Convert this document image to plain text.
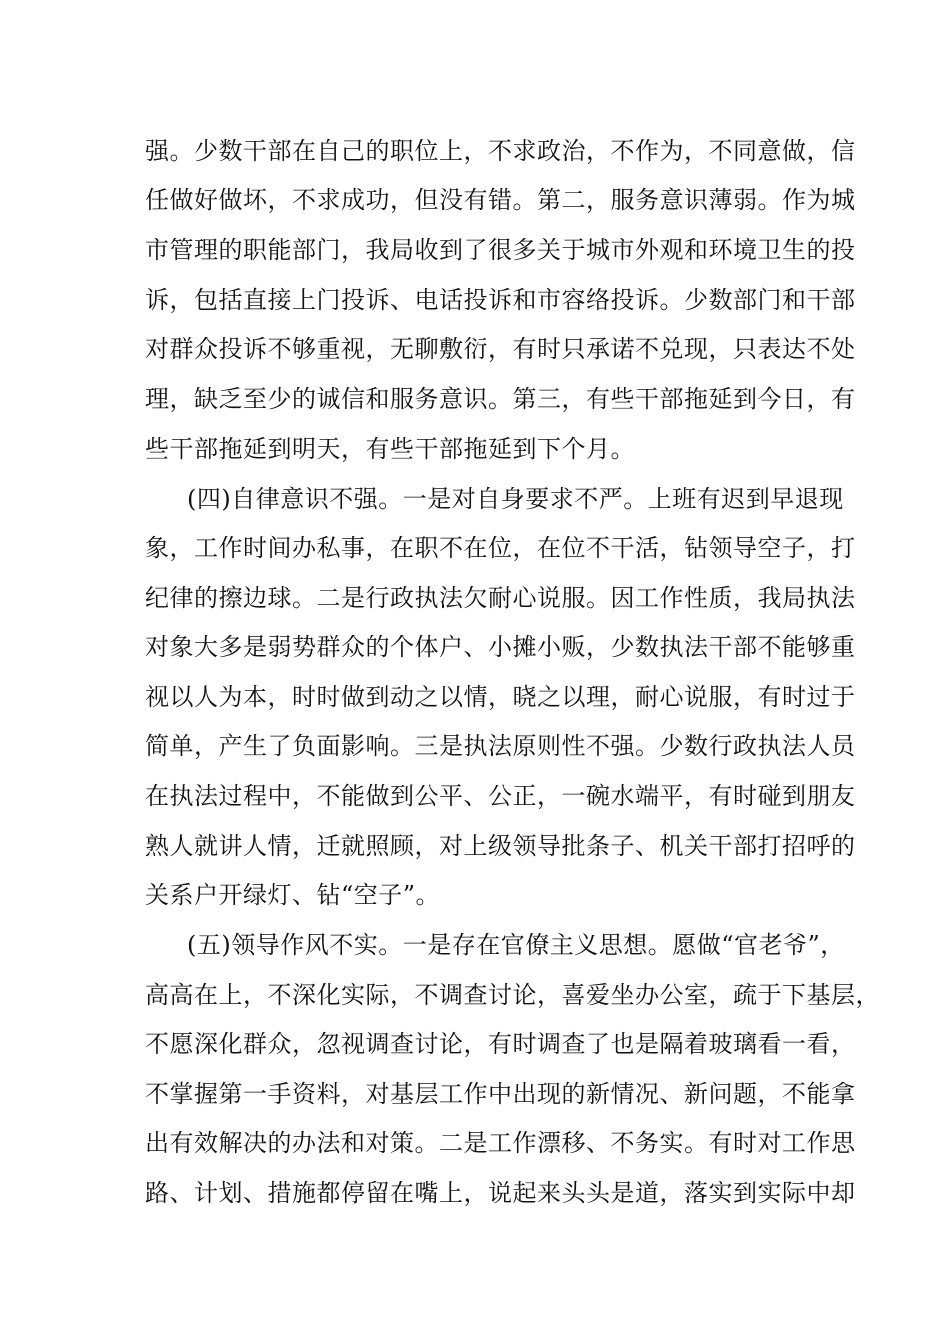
强。少数干部在自己的职位上，不求政治，不作为，不同意做，信
任做好做坏，不求成功，但没有错。第二，服务意识薄弱。作为城
市管理的职能部门，我局收到了很多关于城市外观和环境卫生的投
诉，包括直接上门投诉、电话投诉和市容络投诉。少数部门和干部
对群众投诉不够重视，无聊敷衍，有时只承诺不兑现，只表达不处
理，缺乏至少的诚信和服务意识。第三，有些干部拖延到今日，有
些干部拖延到明天，有些干部拖延到下个月。
(四)自律意识不强。一是对自身要求不严。上班有迟到早退现
象，工作时间办私事，在职不在位，在位不干活，钻领导空子，打
纪律的擦边球。二是行政执法欠耐心说服。因工作性质，我局执法
对象大多是弱势群众的个体户、小摊小贩，少数执法干部不能够重
视以人为本，时时做到动之以情，晓之以理，耐心说服，有时过于
简单，产生了负面影响。三是执法原则性不强。少数行政执法人员
在执法过程中，不能做到公平、公正，一碗水端平，有时碰到朋友
熟人就讲人情，迁就照顾，对上级领导批条子、机关干部打招呼的
关系户开绿灯、钻“空子”。
(五)领导作风不实。一是存在官僚主义思想。愿做“官老爷”，
高高在上，不深化实际，不调查讨论，喜爱坐办公室，疏于下基层，
不愿深化群众，忽视调查讨论，有时调查了也是隔着玻璃看一看，
不掌握第一手资料，对基层工作中出现的新情况、新问题，不能拿
出有效解决的办法和对策。二是工作漂移、不务实。有时对工作思
路、计划、措施都停留在嘴上，说起来头头是道，落实到实际中却
